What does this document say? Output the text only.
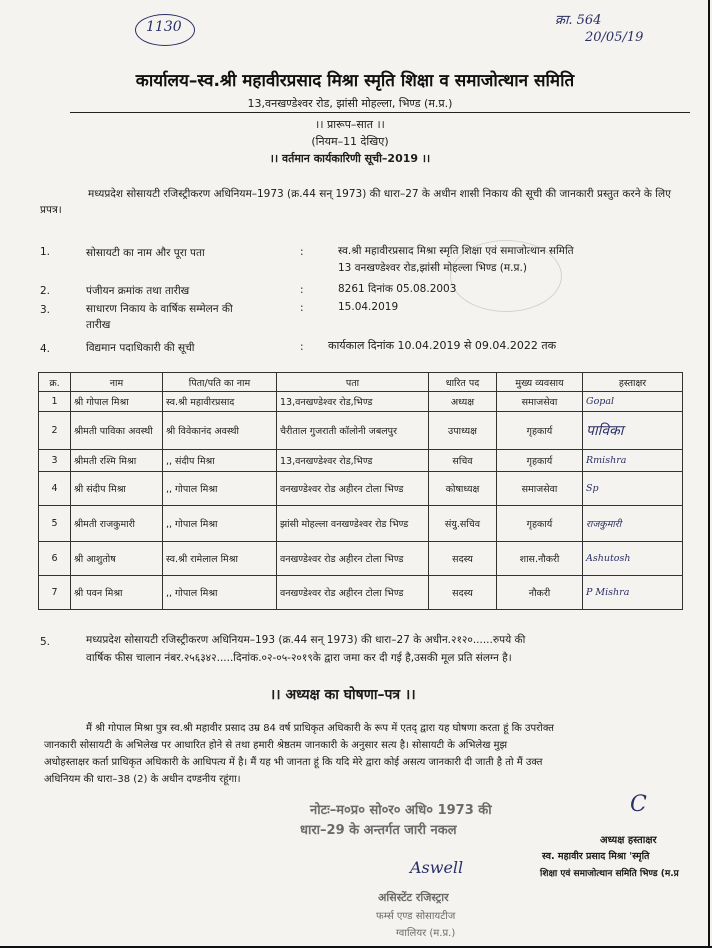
1130	क्रा. 564
20/05/19
कार्यालय–स्व.श्री महावीरप्रसाद मिश्रा स्मृति शिक्षा व समाजोत्थान समिति
13,वनखण्डेश्वर रोड, झांसी मोहल्ला, भिण्ड (म.प्र.)
।। प्रारूप–सात ।।
(नियम–11 देखिए)
।। वर्तमान कार्यकारिणी सूची–2019 ।।
मध्यप्रदेश सोसायटी रजिस्ट्रीकरण अधिनियम–1973 (क्र.44 सन् 1973) की धारा–27 के अधीन शासी निकाय की सूची की जानकारी प्रस्तुत करने के लिए प्रपत्र।
1.	सोसायटी का नाम और पूरा पता	:	स्व.श्री महावीरप्रसाद मिश्रा स्मृति शिक्षा एवं समाजोत्थान समिति
13 वनखण्डेश्वर रोड,झांसी मोहल्ला भिण्ड (म.प्र.)
2.	पंजीयन क्रमांक तथा तारीख	:	8261 दिनांक 05.08.2003
3.	साधारण निकाय के वार्षिक सम्मेलन की
तारीख
:	15.04.2019
4.	विद्यमान पदाधिकारी की सूची	: कार्यकाल दिनांक 10.04.2019 से 09.04.2022 तक
क्र.	नाम	पिता/पति का नाम	पता	धारित पद	मुख्य व्यवसाय	हस्ताक्षर
1	श्री गोपाल मिश्रा	स्व.श्री महावीरप्रसाद	13,वनखण्डेश्वर रोड,भिण्ड	अध्यक्ष	समाजसेवा	Gopal
2	श्रीमती पाविका अवस्थी	श्री विवेकानंद अवस्थी	चैरीताल गुजराती कॉलोनी जबलपुर	उपाध्यक्ष	गृहकार्य	पाविका
3	श्रीमती रश्मि मिश्रा	,, संदीप मिश्रा	13,वनखण्डेश्वर रोड,भिण्ड	सचिव	गृहकार्य	Rmishra
4	श्री संदीप मिश्रा	,, गोपाल मिश्रा	वनखण्डेश्वर रोड अहीरन टोला भिण्ड	कोषाध्यक्ष	समाजसेवा	Sp
5	श्रीमती राजकुमारी	,, गोपाल मिश्रा	झांसी मोहल्ला वनखण्डेश्वर रोड भिण्ड	संयु.सचिव	गृहकार्य	राजकुमारी
6	श्री आशुतोष	स्व.श्री रामेलाल मिश्रा	वनखण्डेश्वर रोड अहीरन टोला भिण्ड	सदस्य	शास.नौकरी	Ashutosh
7	श्री पवन मिश्रा	,, गोपाल मिश्रा	वनखण्डेश्वर रोड अहीरन टोला भिण्ड	सदस्य	नौकरी	P Mishra
5.	मध्यप्रदेश सोसायटी रजिस्ट्रीकरण अधिनियम–193 (क्र.44 सन् 1973) की धारा–27 के अधीन.२१२०......रुपये की
वार्षिक फीस चालान नंबर.२५६३४२.....दिनांक.०२-०५-२०१९के द्वारा जमा कर दी गई है,उसकी मूल प्रति संलग्न है।
।। अध्यक्ष का घोषणा–पत्र ।।
मैं श्री गोपाल मिश्रा पुत्र स्व.श्री महावीर प्रसाद उम्र 84 वर्ष प्राधिकृत अधिकारी के रूप में एतद् द्वारा यह घोषणा करता हूं कि उपरोक्त
जानकारी सोसायटी के अभिलेख पर आधारित होने से तथा हमारी श्रेष्ठतम जानकारी के अनुसार सत्य है। सोसायटी के अभिलेख मुझ
अधोहस्ताक्षर कर्ता प्राधिकृत अधिकारी के आधिपत्य में है। मैं यह भी जानता हूं कि यदि मेरे द्वारा कोई असत्य जानकारी दी जाती है तो मैं उक्त
अधिनियम की धारा–38 (2) के अधीन दण्डनीय रहूंगा।
नोटः–म०प्र० सो०र० अधि० 1973 की
धारा–29 के अन्तर्गत जारी नकल
C
अध्यक्ष हस्ताक्षर
स्व. महावीर प्रसाद मिश्रा 'स्मृति
शिक्षा एवं समाजोत्थान समिति भिण्ड (म.प्र
Aswell
असिस्टेंट रजिस्ट्रार
फर्म्स एण्ड सोसायटीज
ग्वालियर (म.प्र.)
